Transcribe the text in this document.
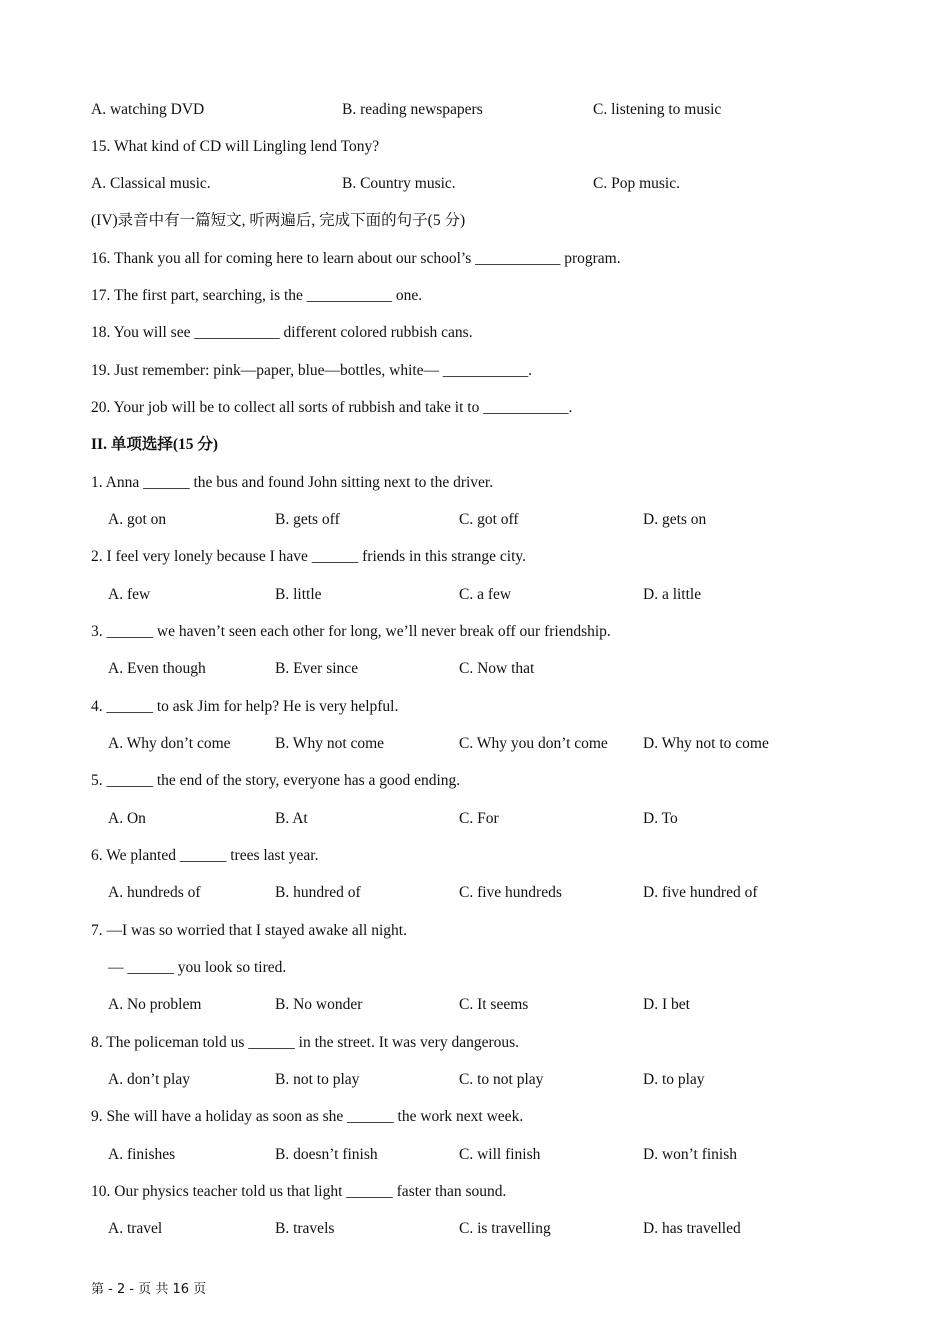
A. watching DVD	B. reading newspapers	C. listening to music
15. What kind of CD will Lingling lend Tony?
A. Classical music.	B. Country music.	C. Pop music.
(IV)录音中有一篇短文, 听两遍后, 完成下面的句子(5 分)
16. Thank you all for coming here to learn about our school’s ___________ program.
17. The first part, searching, is the ___________ one.
18. You will see ___________ different colored rubbish cans.
19. Just remember: pink—paper, blue—bottles, white— ___________.
20. Your job will be to collect all sorts of rubbish and take it to ___________.
II. 单项选择(15 分)
1. Anna ______ the bus and found John sitting next to the driver.
A. got on	B. gets off	C. got off	D. gets on
2. I feel very lonely because I have ______ friends in this strange city.
A. few	B. little	C. a few	D. a little
3. ______ we haven’t seen each other for long, we’ll never break off our friendship.
A. Even though	B. Ever since	C. Now that
4. ______ to ask Jim for help? He is very helpful.
A. Why don’t come	B. Why not come	C. Why you don’t come D. Why not to come
5. ______ the end of the story, everyone has a good ending.
A. On	B. At	C. For	D. To
6. We planted ______ trees last year.
A. hundreds of	B. hundred of	C. five hundreds	D. five hundred of
7. —I was so worried that I stayed awake all night.
— ______ you look so tired.
A. No problem	B. No wonder	C. It seems	D. I bet
8. The policeman told us ______ in the street. It was very dangerous.
A. don’t play	B. not to play	C. to not play	D. to play
9. She will have a holiday as soon as she ______ the work next week.
A. finishes	B. doesn’t finish	C. will finish	D. won’t finish
10. Our physics teacher told us that light ______ faster than sound.
A. travel	B. travels	C. is travelling	D. has travelled
第 - 2 - 页 共 16 页
